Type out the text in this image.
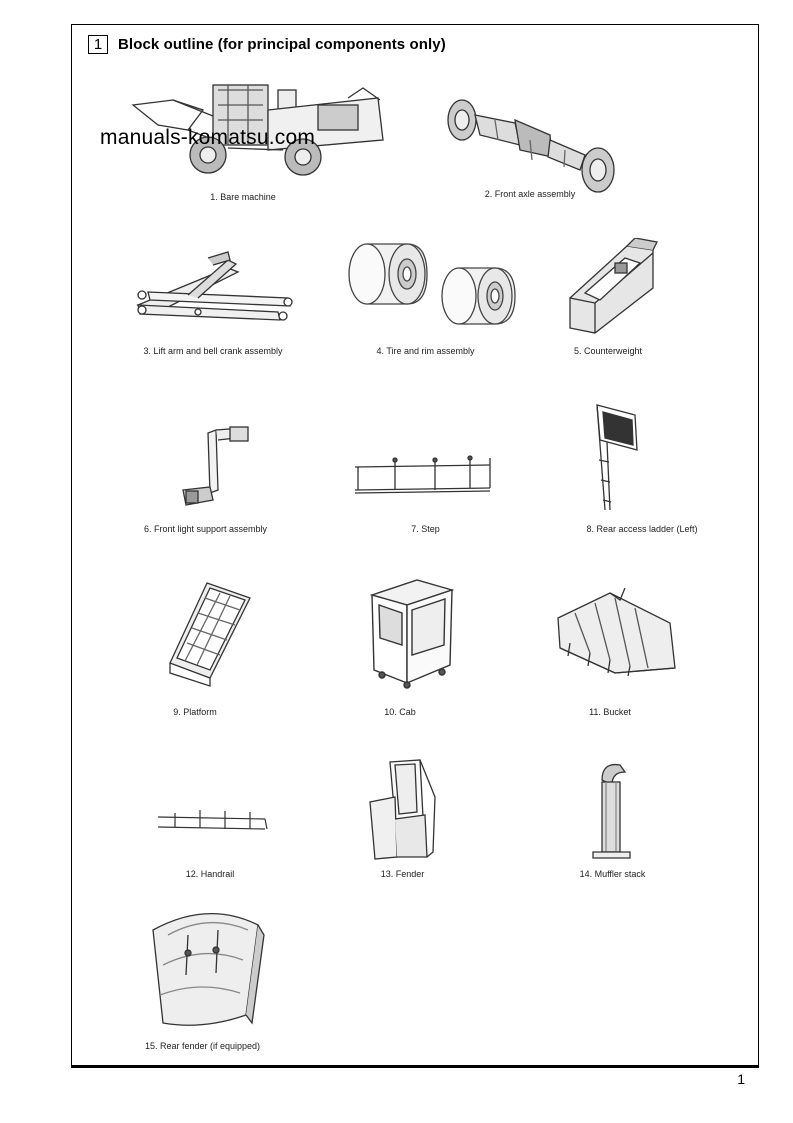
1	Block outline (for principal components only)
manuals-komatsu.com
1. Bare machine	2. Front axle assembly
3. Lift arm and bell crank assembly	4. Tire and rim assembly	5. Counterweight
6. Front light support assembly	7. Step	8. Rear access ladder (Left)
9. Platform	10. Cab	11. Bucket
12. Handrail	13. Fender	14. Muffler stack
15. Rear fender (if equipped)
1
